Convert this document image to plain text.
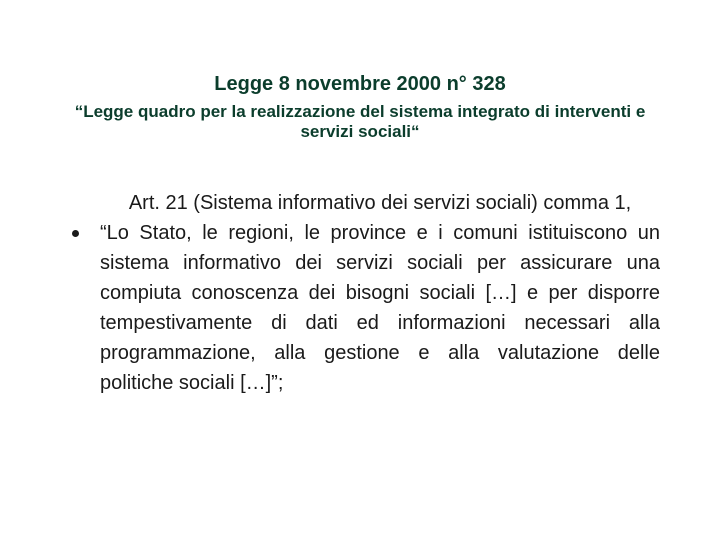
Legge 8 novembre 2000 n° 328

“Legge quadro per la realizzazione del sistema integrato di interventi e servizi sociali“

Art. 21 (Sistema informativo dei servizi sociali) comma 1,

“Lo Stato, le regioni, le province e i comuni istituiscono un sistema informativo dei servizi sociali per assicurare una compiuta conoscenza dei bisogni sociali […] e per disporre tempestivamente di dati ed informazioni necessari alla programmazione, alla gestione e alla valutazione delle politiche sociali […]”;
